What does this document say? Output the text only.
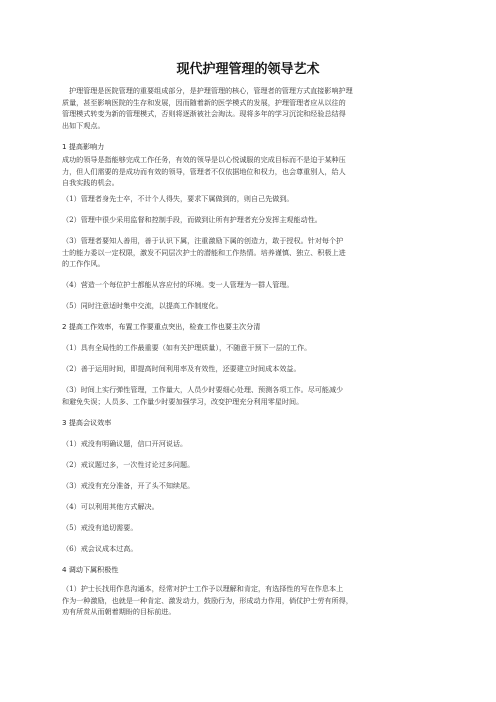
现代护理管理的领导艺术
护理管理是医院管理的重要组成部分，是护理管理的核心，管理者的管理方式直接影响护理
质量，甚至影响医院的生存和发展，因而随着新的医学模式的发展，护理管理者应从以往的
管理模式转变为新的管理模式，否则将逐渐被社会淘汰。现将多年的学习沉淀和经验总结得
出如下观点。
1 提高影响力
成功的领导是指能够完成工作任务，有效的领导是以心悦诚服的完成目标而不是迫于某种压
力，但人们需要的是成功而有效的领导，管理者不仅依据地位和权力，也会尊重别人，给人
自我实践的机会。
（1）管理者身先士卒，不计个人得失，要求下属做到的，则自己先做到。
（2）管理中很少采用监督和控制手段，而做到让所有护理者充分发挥主观能动性。
（3）管理者要知人善用，善于认识下属，注重激励下属的创造力，敢于授权。针对每个护
士的能力委以一定权限，激发不同层次护士的潜能和工作热情。培养谨慎、独立、积极上进
的工作作风。
（4）营造一个每位护士都能从容应付的环境。变一人管理为一群人管理。
（5）同时注意适时集中交流，以提高工作制度化。
2 提高工作效率，布置工作要重点突出，检查工作也要主次分清
（1）具有全局性的工作最重要（如有关护理质量），不随意干预下一层的工作。
（2）善于运用时间，即提高时间利用率及有效性，还要建立时间成本效益。
（3）时间上实行弹性管理，工作量大，人员少时要细心处理、预测各项工作。尽可能减少
和避免失误；人员多、工作量少时要加强学习，改变护理充分利用零星时间。
3 提高会议效率
（1）戒没有明确议题，信口开河说话。
（2）戒议题过多，一次性讨论过多问题。
（3）戒没有充分准备，开了头不知续尾。
（4）可以利用其他方式解决。
（5）戒没有追切需要。
（6）戒会议成本过高。
4 调动下属积极性
（1）护士长找用作息沟通本，经常对护士工作予以理解和肯定，有选择性的写在作息本上
作为一种激励，也就是一种肯定、激发动力，鼓励行为，形成动力作用，倘仗护士劳有所得，
劝有所赏从而朝着期盼的目标前进。
